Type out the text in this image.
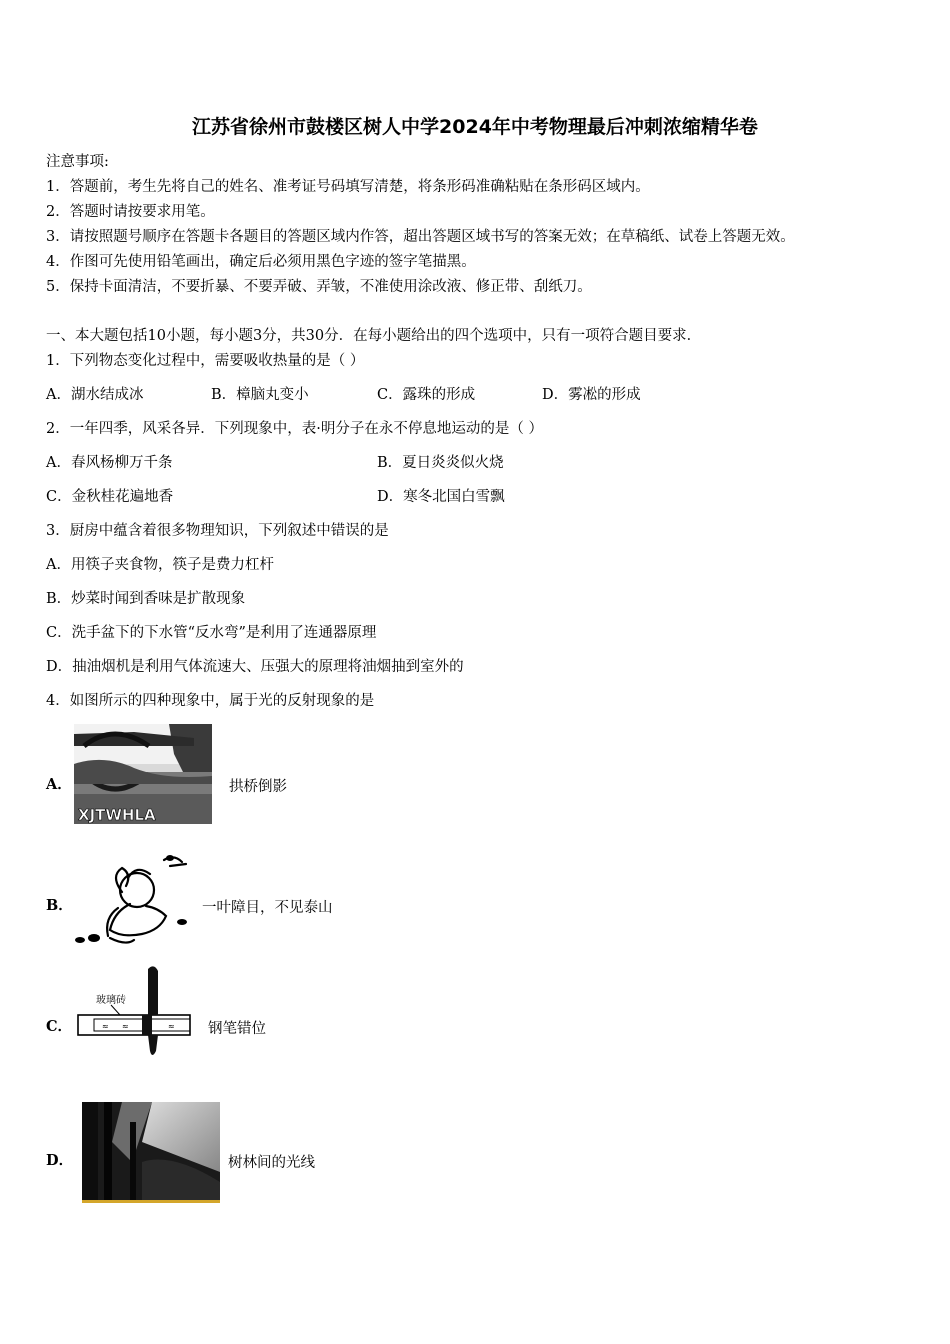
江苏省徐州市鼓楼区树人中学2024年中考物理最后冲刺浓缩精华卷
注意事项:
1．答题前，考生先将自己的姓名、准考证号码填写清楚，将条形码准确粘贴在条形码区域内。
2．答题时请按要求用笔。
3．请按照题号顺序在答题卡各题目的答题区域内作答，超出答题区域书写的答案无效；在草稿纸、试卷上答题无效。
4．作图可先使用铅笔画出，确定后必须用黑色字迹的签字笔描黑。
5．保持卡面清洁，不要折暴、不要弄破、弄皱，不准使用涂改液、修正带、刮纸刀。
一、本大题包括10小题，每小题3分，共30分．在每小题给出的四个选项中，只有一项符合题目要求．
1．下列物态变化过程中，需要吸收热量的是（ ）
A．湖水结成冰	B．樟脑丸变小	C．露珠的形成	D．雾凇的形成
2．一年四季，风采各异．下列现象中，表·明分子在永不停息地运动的是（ ）
A．春风杨柳万千条	B．夏日炎炎似火烧
C．金秋桂花遍地香	D．寒冬北国白雪飘
3．厨房中蕴含着很多物理知识，下列叙述中错误的是
A．用筷子夹食物，筷子是费力杠杆
B．炒菜时闻到香味是扩散现象
C．洗手盆下的下水管“反水弯”是利用了连通器原理
D．抽油烟机是利用气体流速大、压强大的原理将油烟抽到室外的
4．如图所示的四种现象中，属于光的反射现象的是
A．
XJTWHLA
拱桥倒影
B．	一叶障目，不见泰山
C．
玻璃砖
≈ ≈	≈ 钢笔错位
D．	树林间的光线
